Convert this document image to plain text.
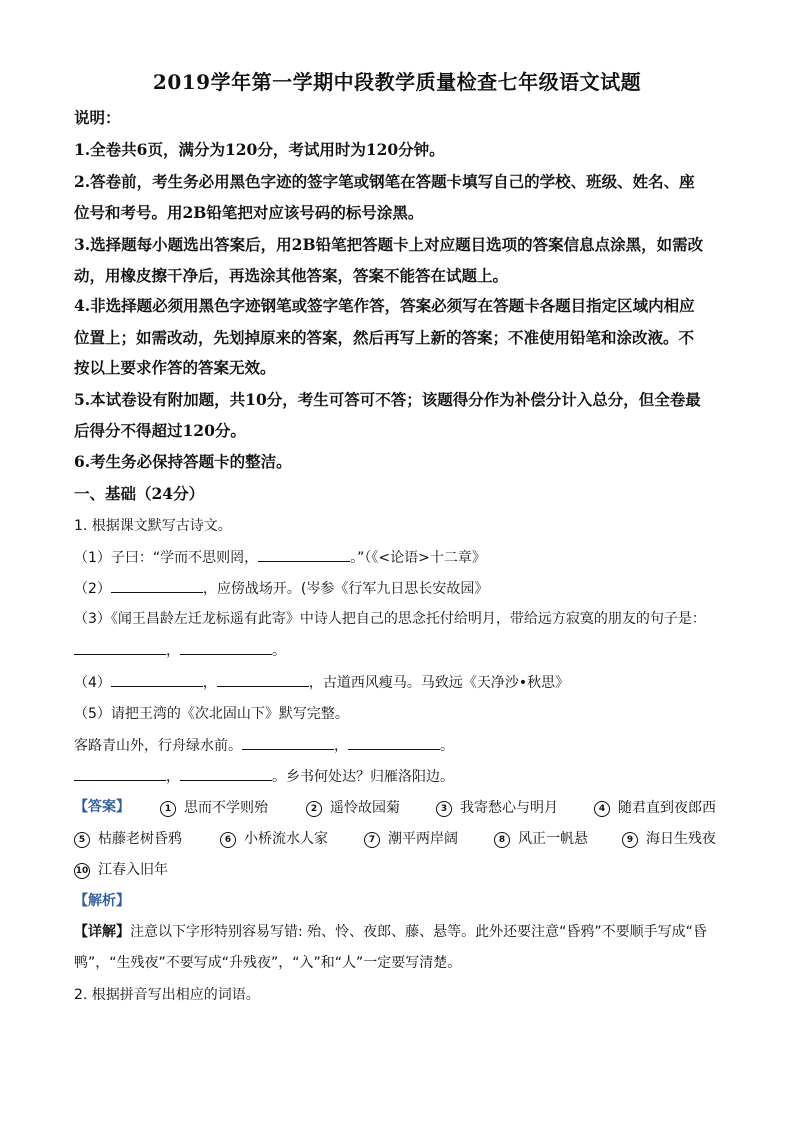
2019学年第一学期中段教学质量检查七年级语文试题
说明：
1.全卷共6页，满分为120分，考试用时为120分钟。
2.答卷前，考生务必用黑色字迹的签字笔或钢笔在答题卡填写自己的学校、班级、姓名、座
位号和考号。用2B铅笔把对应该号码的标号涂黑。
3.选择题每小题选出答案后，用2B铅笔把答题卡上对应题目选项的答案信息点涂黑，如需改
动，用橡皮擦干净后，再选涂其他答案，答案不能答在试题上。
4.非选择题必须用黑色字迹钢笔或签字笔作答，答案必须写在答题卡各题目指定区域内相应
位置上；如需改动，先划掉原来的答案，然后再写上新的答案；不准使用铅笔和涂改液。不
按以上要求作答的答案无效。
5.本试卷设有附加题，共10分，考生可答可不答；该题得分作为补偿分计入总分，但全卷最
后得分不得超过120分。
6.考生务必保持答题卡的整洁。
一、基础（24分）
1. 根据课文默写古诗文。
（1）子曰：“学而不思则罔，	。”（《<论语>十二章》
（2）	，应傍战场开。(岑参《行军九日思长安故园》
（3）《闻王昌龄左迁龙标遥有此寄》中诗人把自己的思念托付给明月，带给远方寂寞的朋友的句子是：
，	。
（4）	，	，古道西风瘦马。马致远《天净沙•秋思》
（5）请把王湾的《次北固山下》默写完整。
客路青山外，行舟绿水前。	，	。
，	。乡书何处达？归雁洛阳边。
【答案】	1 思而不学则殆	2 遥怜故园菊	3 我寄愁心与明月	4 随君直到夜郎西
5 枯藤老树昏鸦	6 小桥流水人家	7 潮平两岸阔	8 风正一帆悬	9 海日生残夜
10 江春入旧年
【解析】
【详解】注意以下字形特别容易写错: 殆、怜、夜郎、藤、悬等。此外还要注意“昏鸦”不要顺手写成“昏
鸭”，“生残夜”不要写成“升残夜”，“入”和“人”一定要写清楚。
2. 根据拼音写出相应的词语。
